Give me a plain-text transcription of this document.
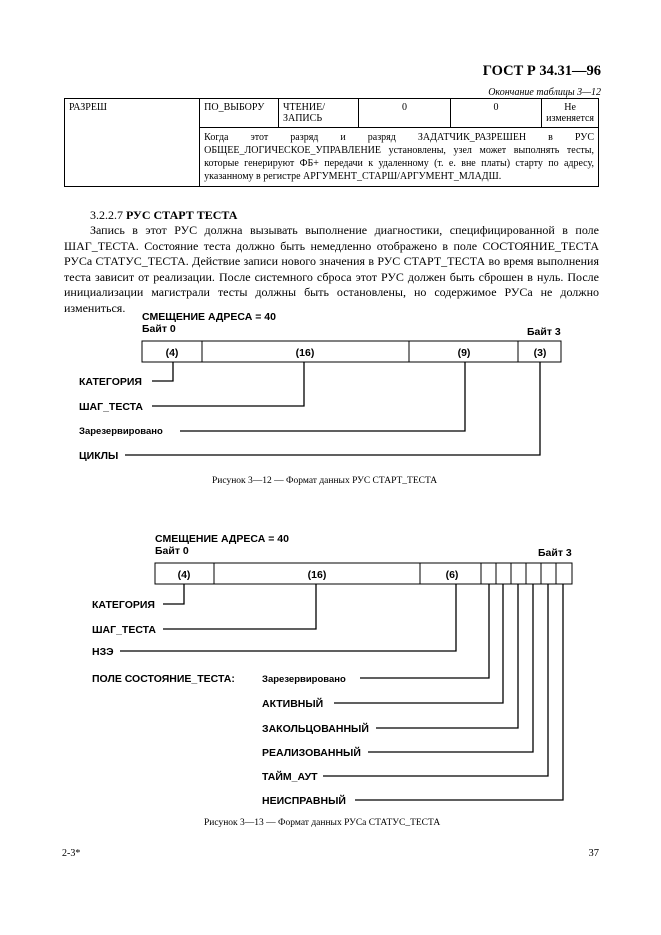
ГОСТ Р 34.31—96
Окончание таблицы 3—12
РАЗРЕШ	ПО_ВЫБОРУ	ЧТЕНИЕ/ЗАПИСЬ	0	0	Не изменяется
	Когда этот разряд и разряд ЗАДАТЧИК_РАЗРЕШЕН в РУС ОБЩЕЕ_ЛОГИЧЕСКОЕ_УПРАВЛЕНИЕ установлены, узел может выполнять тесты, которые генерируют ФБ+ передачи к удаленному (т. е. вне платы) старту по адресу, указанному в регистре АРГУМЕНТ_СТАРШ/АРГУМЕНТ_МЛАДШ.				
3.2.2.7 РУС СТАРТ ТЕСТА
Запись в этот РУС должна вызывать выполнение диагностики, специфицированной в поле ШАГ_ТЕСТА. Состояние теста должно быть немедленно отображено в поле СОСТОЯНИЕ_ТЕСТА РУСа СТАТУС_ТЕСТА. Действие записи нового значения в РУС СТАРТ_ТЕСТА во время выполнения теста зависит от реализации. После системного сброса этот РУС должен быть сброшен в нуль. После инициализации магистрали тесты должны быть остановлены, но содержимое РУСа не должно измениться.
СМЕЩЕНИЕ АДРЕСА = 40
Байт 0	Байт 3
(4)	(16)	(9)	(3)
КАТЕГОРИЯ
ШАГ_ТЕСТА
Зарезервировано
ЦИКЛЫ
СМЕЩЕНИЕ АДРЕСА = 40
Байт 0	Байт 3
(4)	(16)	(6)
КАТЕГОРИЯ
ШАГ_ТЕСТА
НЗЭ
ПОЛЕ СОСТОЯНИЕ_ТЕСТА:	Зарезервировано
АКТИВНЫЙ
ЗАКОЛЬЦОВАННЫЙ
РЕАЛИЗОВАННЫЙ
ТАЙМ_АУТ
НЕИСПРАВНЫЙ
Рисунок 3—12 — Формат данных РУС СТАРТ_ТЕСТА
Рисунок 3—13 — Формат данных РУСа СТАТУС_ТЕСТА
2-3*	37
